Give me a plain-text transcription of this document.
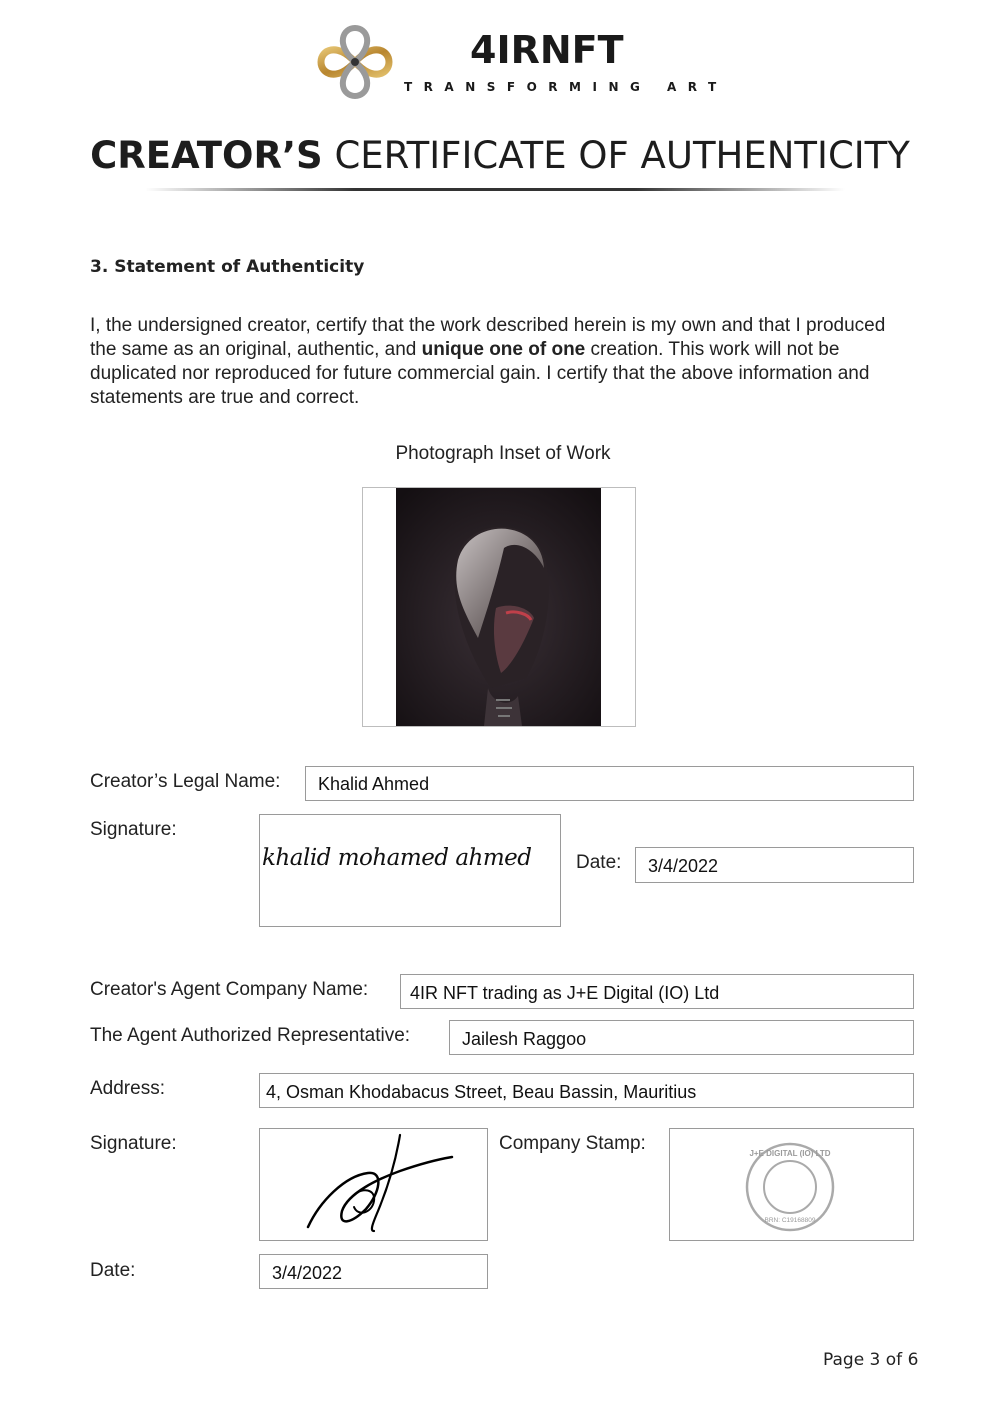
4IRNFT
TRANSFORMING ART
CREATOR’S CERTIFICATE OF AUTHENTICITY
3. Statement of Authenticity
I, the undersigned creator, certify that the work described herein is my own and that I produced the same as an original, authentic, and unique one of one creation. This work will not be duplicated nor reproduced for future commercial gain. I certify that the above information and statements are true and correct.
Photograph Inset of Work
Creator’s Legal Name: Khalid Ahmed
Signature:
khalid mohamed ahmed Date: 3/4/2022
Creator's Agent Company Name: 4IR NFT trading as J+E Digital (IO) Ltd
The Agent Authorized Representative:	Jailesh Raggoo
Address:	4, Osman Khodabacus Street, Beau Bassin, Mauritius
Signature:	Company Stamp:	J+E DIGITAL (IO) LTD
BRN: C19168809
Date:	3/4/2022
Page 3 of 6
